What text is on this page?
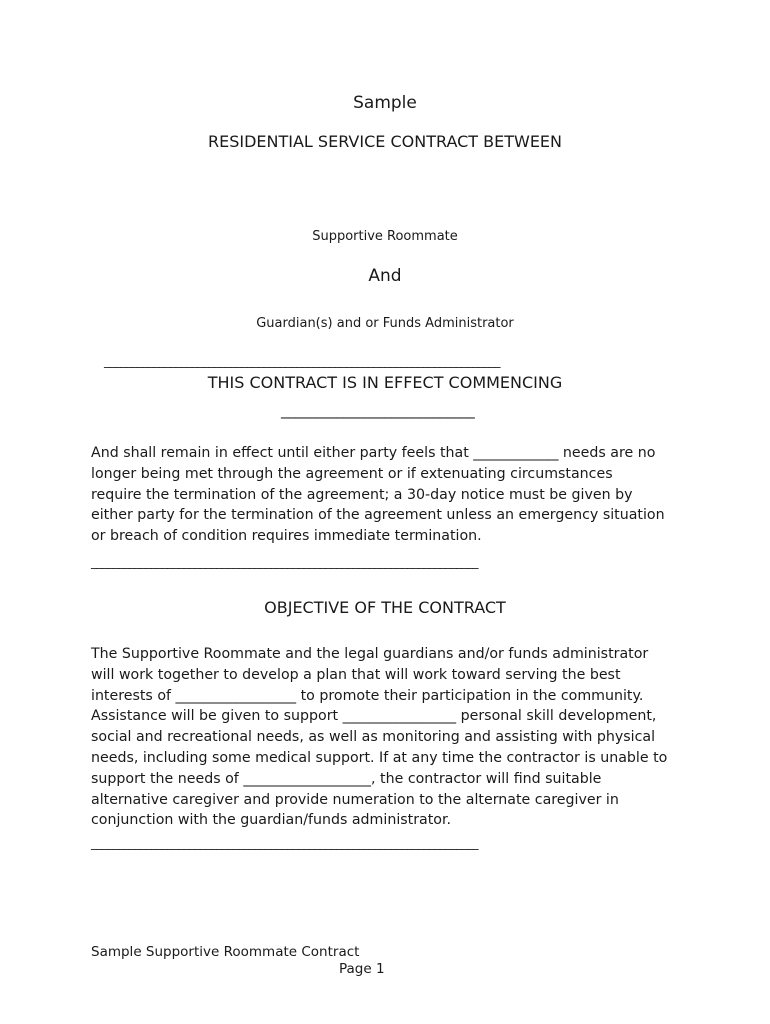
Sample
RESIDENTIAL SERVICE CONTRACT BETWEEN
Supportive Roommate
And
Guardian(s) and or Funds Administrator
________________________________________________________________________
THIS CONTRACT IS IN EFFECT COMMENCING
____________________________
And shall remain in effect until either party feels that ____________ needs are no
longer being met through the agreement or if extenuating circumstances
require the termination of the agreement; a 30-day notice must be given by
either party for the termination of the agreement unless an emergency situation
or breach of condition requires immediate termination.
_______________________________________________________________________
OBJECTIVE OF THE CONTRACT
The Supportive Roommate and the legal guardians and/or funds administrator
will work together to develop a plan that will work toward serving the best
interests of _________________ to promote their participation in the community.
Assistance will be given to support ________________ personal skill development,
social and recreational needs, as well as monitoring and assisting with physical
needs, including some medical support. If at any time the contractor is unable to
support the needs of __________________, the contractor will find suitable
alternative caregiver and provide numeration to the alternate caregiver in
conjunction with the guardian/funds administrator.
_______________________________________________________________________
Sample Supportive Roommate Contract
Page 1
